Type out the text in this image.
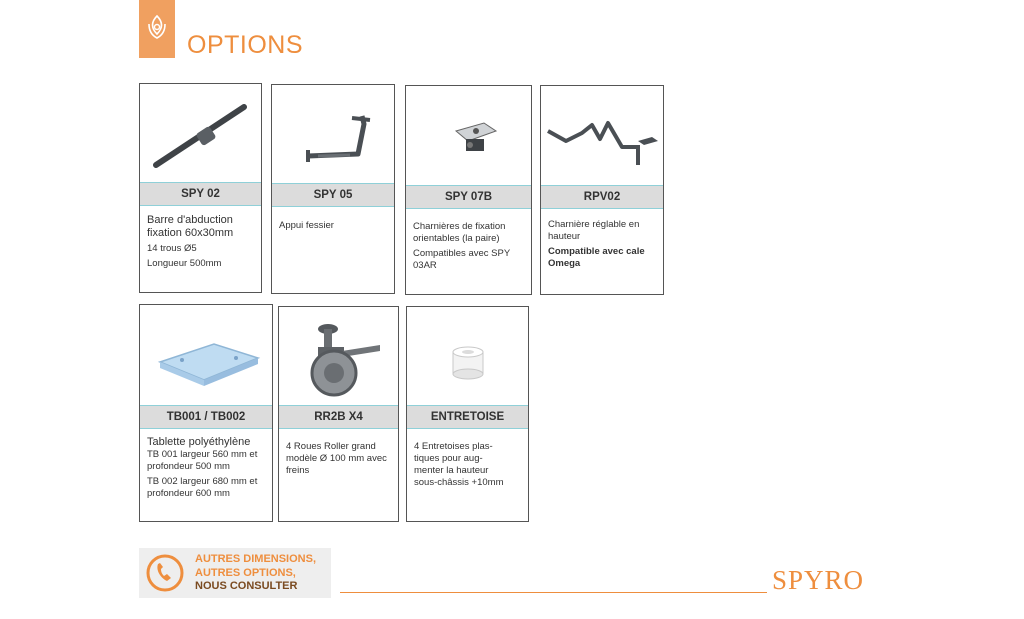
OPTIONS
SPY 02

Barre d'abduction fixation 60x30mm

14 trous Ø5

Longueur 500mm

SPY 05

Appui fessier

SPY 07B

Charnières de fixation orientables (la paire)

Compatibles avec SPY 03AR

RPV02

Charnière réglable en hauteur

Compatible avec cale Omega

TB001 / TB002

Tablette polyéthylène

TB 001 largeur 560 mm et profondeur 500 mm

TB 002 largeur 680 mm et profondeur 600 mm

RR2B X4

4 Roues Roller grand modèle Ø 100 mm avec freins

ENTRETOISE

4 Entretoises plas- tiques pour aug- menter la hauteur sous-châssis +10mm

AUTRES DIMENSIONS,
AUTRES OPTIONS,
NOUS CONSULTER	SPYRO
